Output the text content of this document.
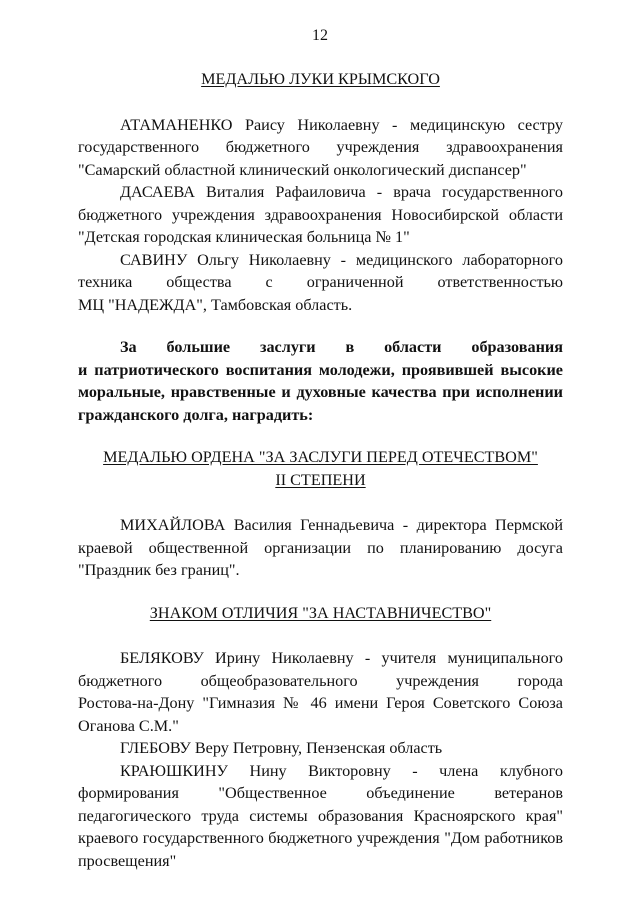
12

МЕДАЛЬЮ ЛУКИ КРЫМСКОГО

АТАМАНЕНКО Раису Николаевну - медицинскую сестру
государственного бюджетного учреждения здравоохранения
"Самарский областной клинический онкологический диспансер"
ДАСАЕВА Виталия Рафаиловича - врача государственного
бюджетного учреждения здравоохранения Новосибирской области
"Детская городская клиническая больница № 1"
САВИНУ Ольгу Николаевну - медицинского лабораторного
техника общества с ограниченной ответственностью
МЦ "НАДЕЖДА", Тамбовская область.
За большие заслуги в области образования
и патриотического воспитания молодежи, проявившей высокие
моральные, нравственные и духовные качества при исполнении
гражданского долга, наградить:

МЕДАЛЬЮ ОРДЕНА "ЗА ЗАСЛУГИ ПЕРЕД ОТЕЧЕСТВОМ"

II СТЕПЕНИ

МИХАЙЛОВА Василия Геннадьевича - директора Пермской
краевой общественной организации по планированию досуга
"Праздник без границ".

ЗНАКОМ ОТЛИЧИЯ "ЗА НАСТАВНИЧЕСТВО"

БЕЛЯКОВУ Ирину Николаевну - учителя муниципального
бюджетного общеобразовательного учреждения города
Ростова-на-Дону "Гимназия № 46 имени Героя Советского Союза
Оганова С.М."
ГЛЕБОВУ Веру Петровну, Пензенская область
КРАЮШКИНУ Нину Викторовну - члена клубного
формирования "Общественное объединение ветеранов
педагогического труда системы образования Красноярского края"
краевого государственного бюджетного учреждения "Дом работников
просвещения"
